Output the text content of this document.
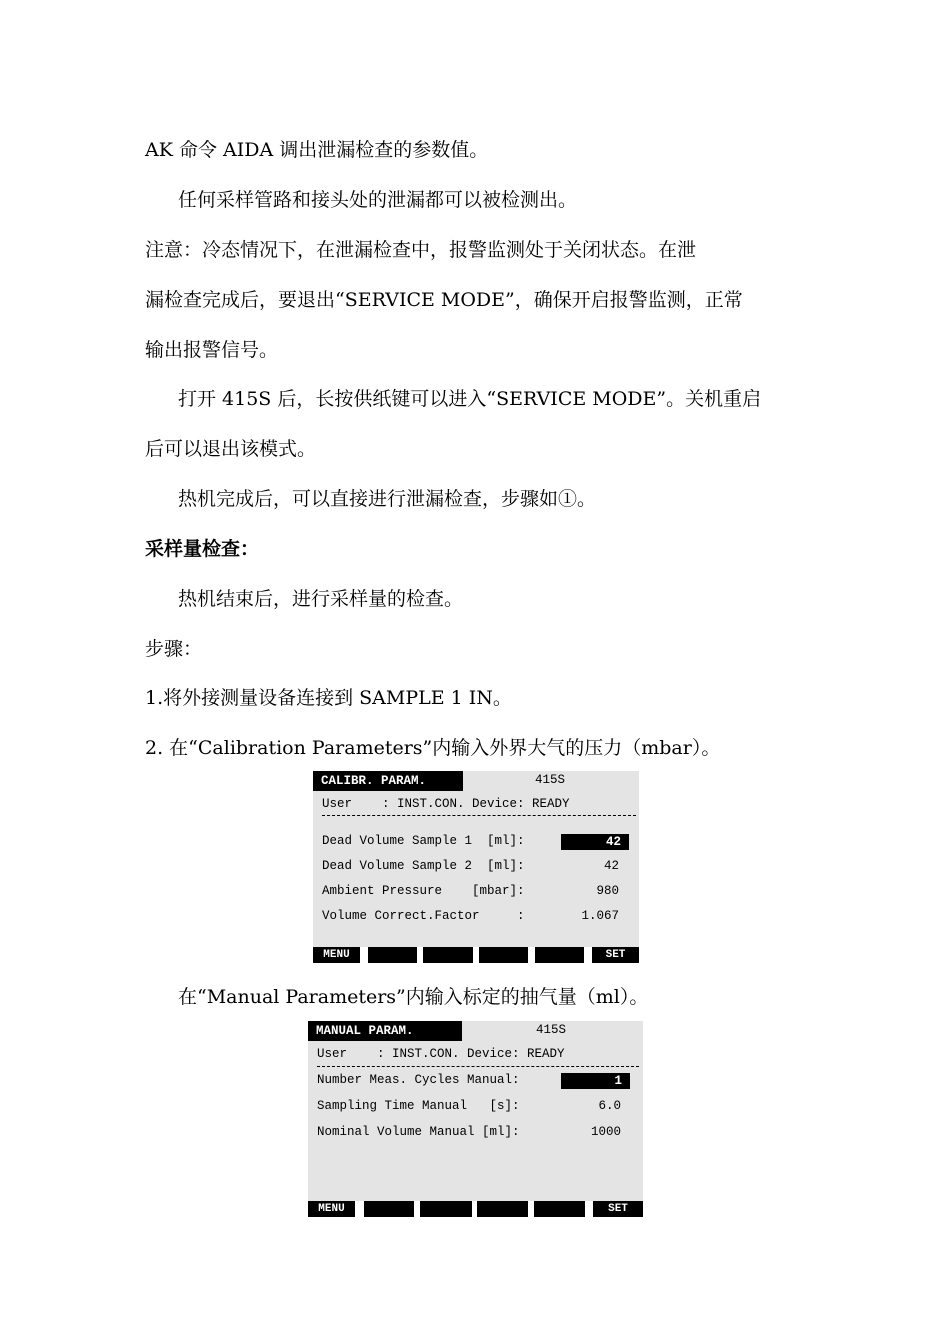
AK 命令 AIDA 调出泄漏检查的参数值。
任何采样管路和接头处的泄漏都可以被检测出。
注意：冷态情况下，在泄漏检查中，报警监测处于关闭状态。在泄
漏检查完成后，要退出“SERVICE MODE”，确保开启报警监测，正常
输出报警信号。
打开 415S 后，长按供纸键可以进入“SERVICE MODE”。关机重启
后可以退出该模式。
热机完成后，可以直接进行泄漏检查，步骤如①。
采样量检查：
热机结束后，进行采样量的检查。
步骤：
1.将外接测量设备连接到 SAMPLE 1 IN。
2. 在“Calibration Parameters”内输入外界大气的压力（mbar）。
CALIBR. PARAM.	415S
User    : INST.CON. Device: READY
Dead Volume Sample 1  [ml]:	42
Dead Volume Sample 2  [ml]:	42
Ambient Pressure    [mbar]:	980
Volume Correct.Factor     :	1.067
MENU	SET
在“Manual Parameters”内输入标定的抽气量（ml）。
MANUAL PARAM.	415S
User    : INST.CON. Device: READY
Number Meas. Cycles Manual:	1
Sampling Time Manual   [s]:	6.0
Nominal Volume Manual [ml]:	1000
MENU	SET
